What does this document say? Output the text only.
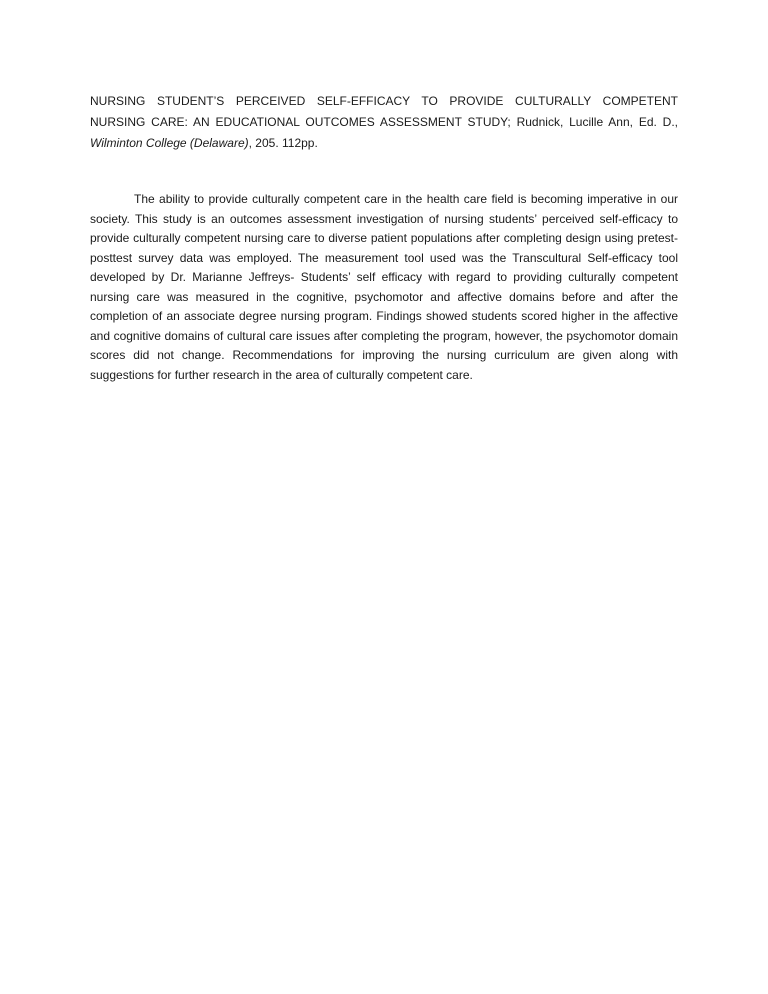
NURSING STUDENT’S PERCEIVED SELF-EFFICACY TO PROVIDE CULTURALLY COMPETENT NURSING CARE: AN EDUCATIONAL OUTCOMES ASSESSMENT STUDY; Rudnick, Lucille Ann, Ed. D., Wilminton College (Delaware), 205. 112pp.

The ability to provide culturally competent care in the health care field is becoming imperative in our society. This study is an outcomes assessment investigation of nursing students’ perceived self-efficacy to provide culturally competent nursing care to diverse patient populations after completing design using pretest-posttest survey data was employed. The measurement tool used was the Transcultural Self-efficacy tool developed by Dr. Marianne Jeffreys- Students’ self efficacy with regard to providing culturally competent nursing care was measured in the cognitive, psychomotor and affective domains before and after the completion of an associate degree nursing program. Findings showed students scored higher in the affective and cognitive domains of cultural care issues after completing the program, however, the psychomotor domain scores did not change. Recommendations for improving the nursing curriculum are given along with suggestions for further research in the area of culturally competent care.
